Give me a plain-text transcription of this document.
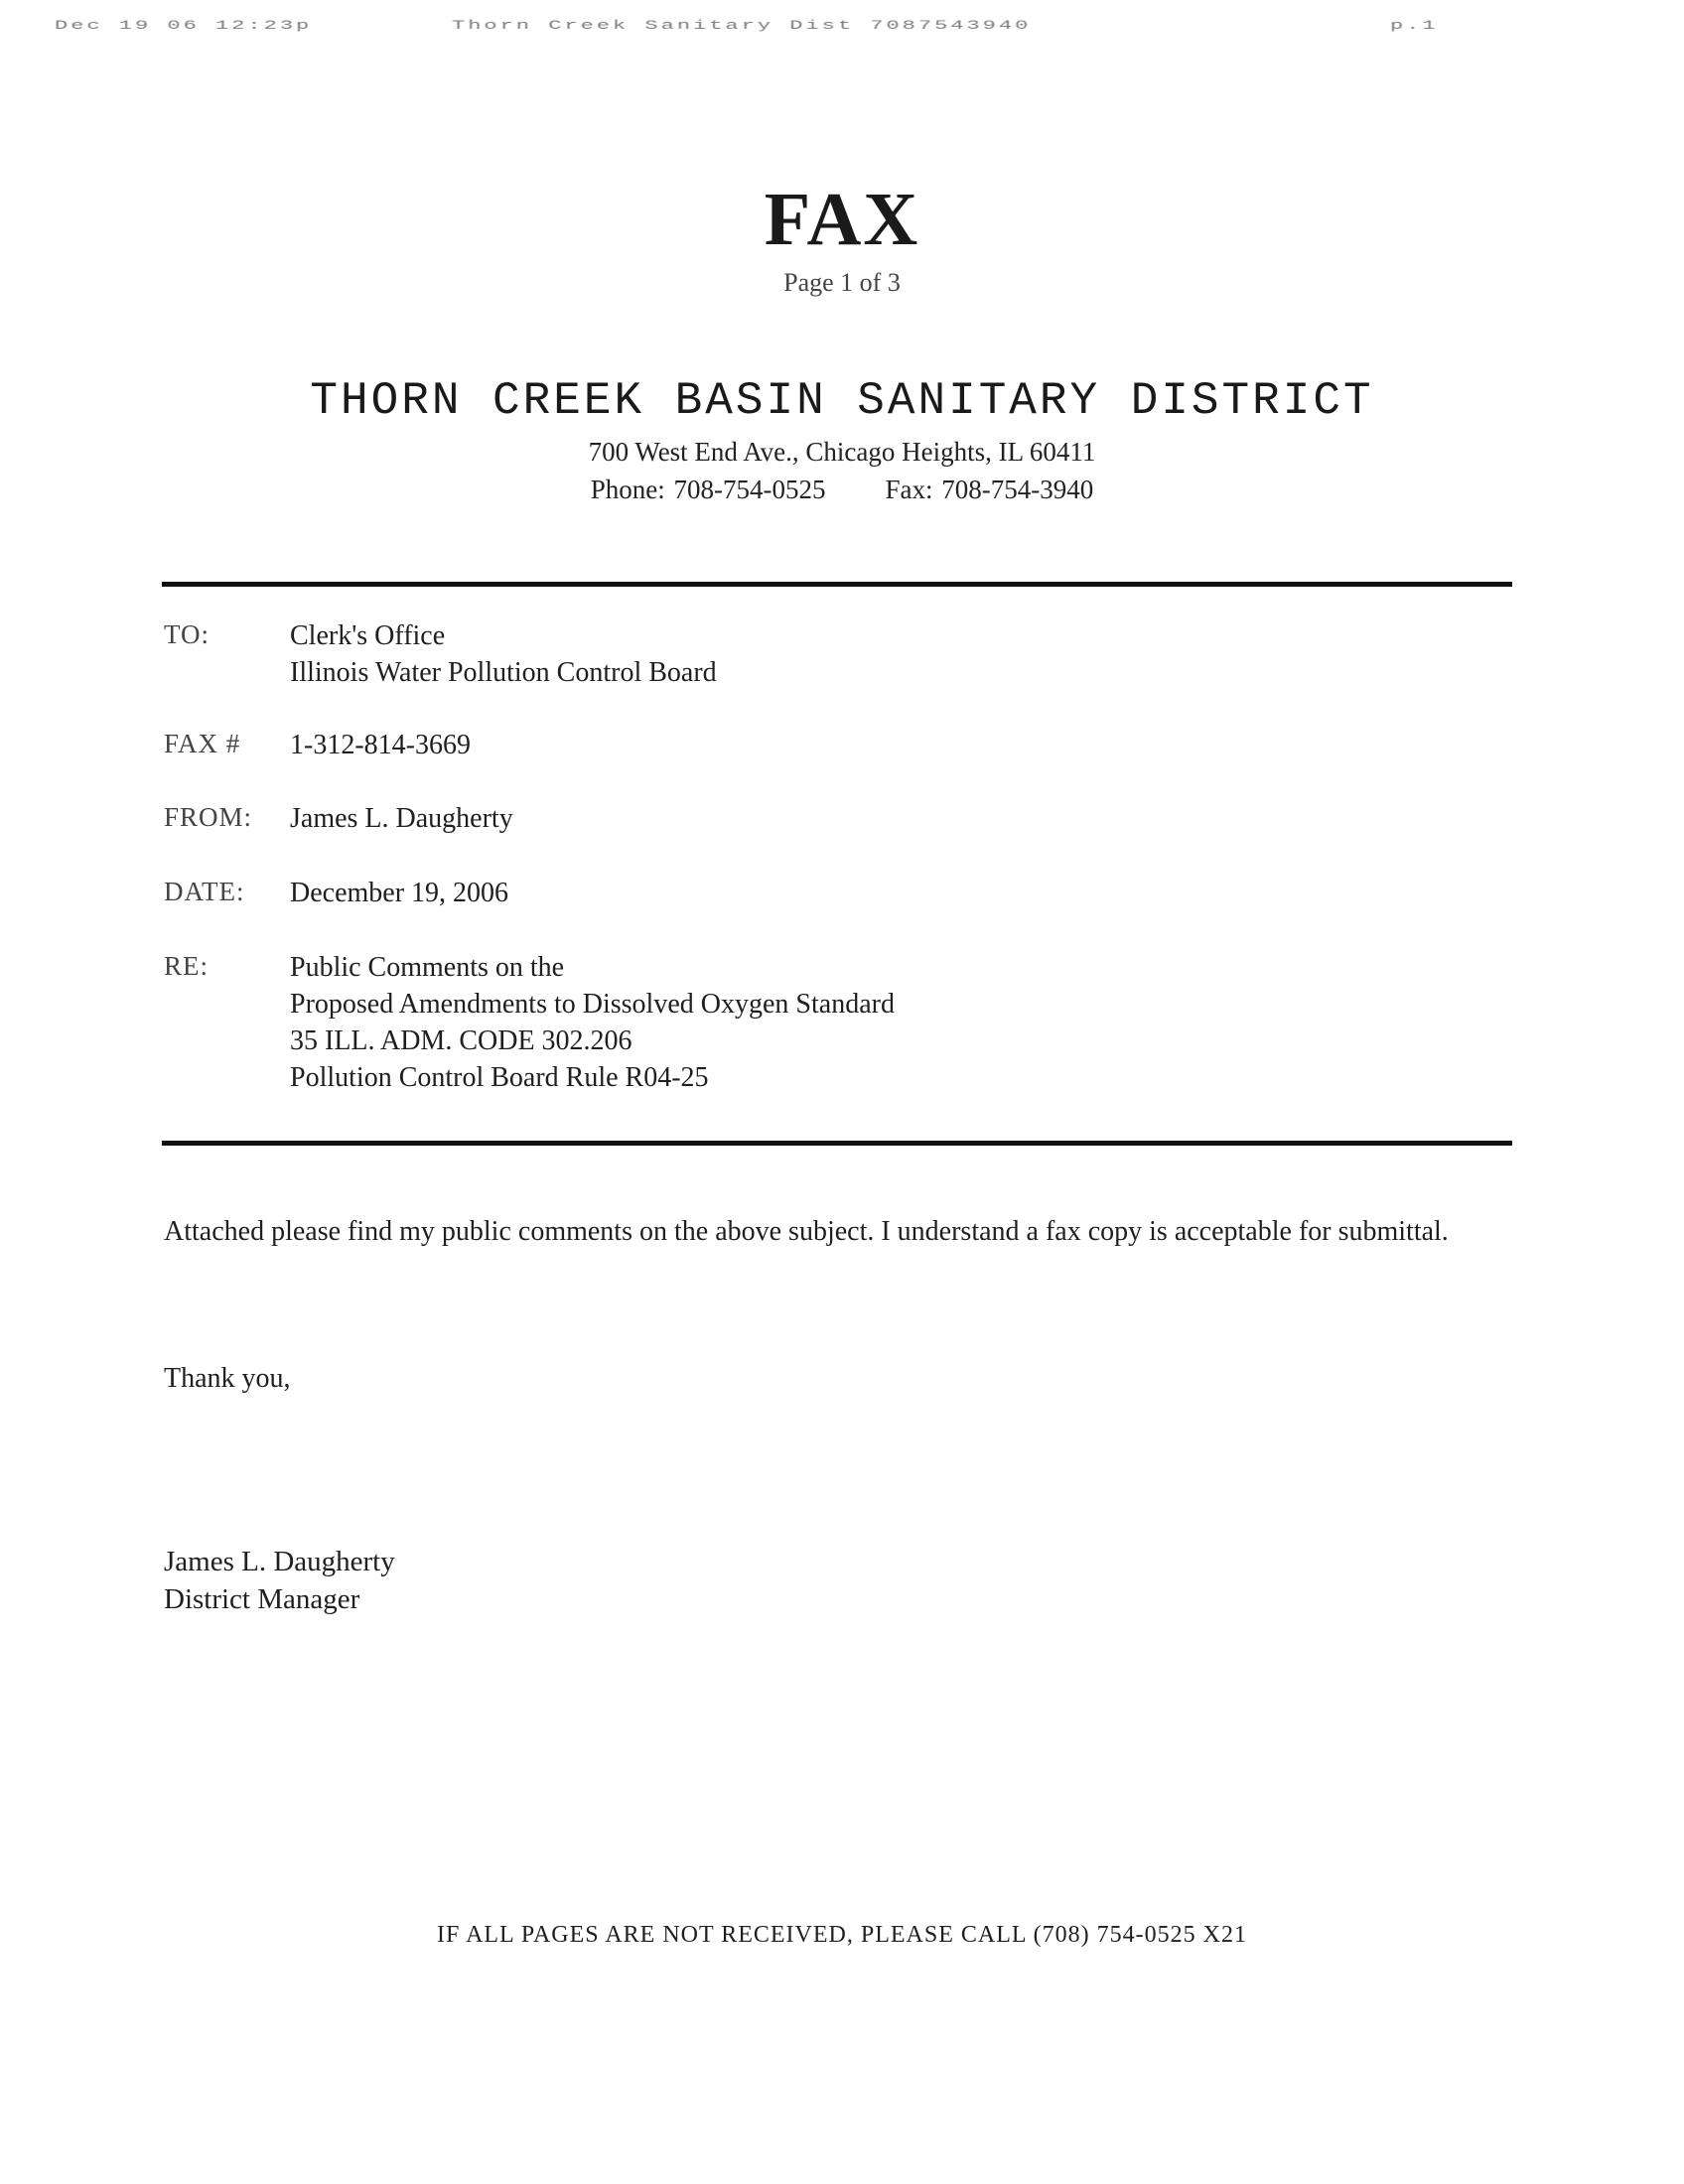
Dec 19 06 12:23p	Thorn Creek Sanitary Dist 7087543940	p.1
FAX
Page 1 of 3
THORN CREEK BASIN SANITARY DISTRICT
700 West End Ave., Chicago Heights, IL 60411
Phone: 708-754-0525 Fax: 708-754-3940
TO:	Clerk's Office
Illinois Water Pollution Control Board
FAX # 1-312-814-3669
FROM: James L. Daugherty
DATE: December 19, 2006
RE:	Public Comments on the
Proposed Amendments to Dissolved Oxygen Standard
35 ILL. ADM. CODE 302.206
Pollution Control Board Rule R04-25
Attached please find my public comments on the above subject. I understand a fax copy is acceptable for submittal.
Thank you,
James L. Daugherty
District Manager
IF ALL PAGES ARE NOT RECEIVED, PLEASE CALL (708) 754-0525 X21
